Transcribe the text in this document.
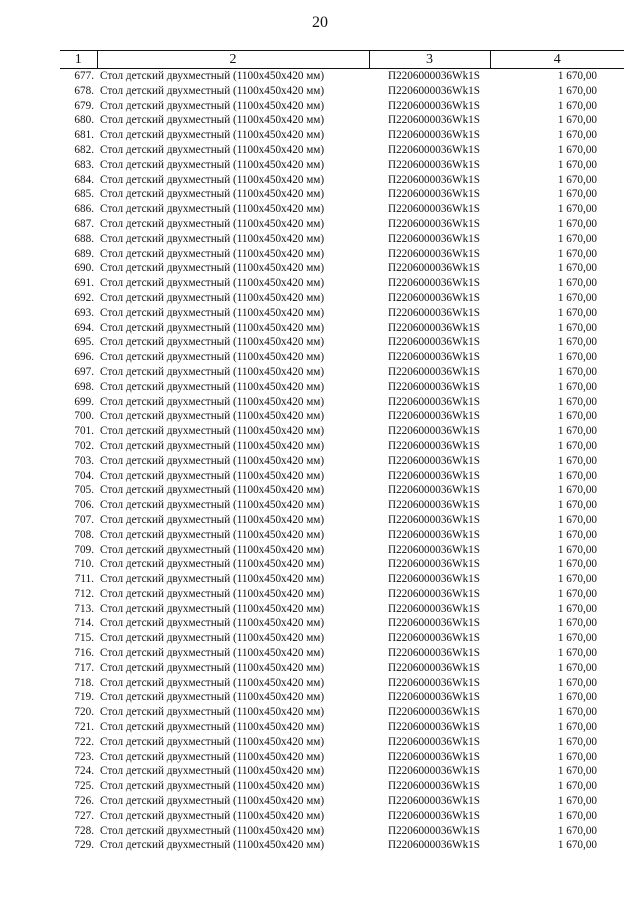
20
1	2	3	4
677.	Стол детский двухместный (1100x450x420 мм)	П2206000036Wk1S	1 670,00
678.	Стол детский двухместный (1100x450x420 мм)	П2206000036Wk1S	1 670,00
679.	Стол детский двухместный (1100x450x420 мм)	П2206000036Wk1S	1 670,00
680.	Стол детский двухместный (1100x450x420 мм)	П2206000036Wk1S	1 670,00
681.	Стол детский двухместный (1100x450x420 мм)	П2206000036Wk1S	1 670,00
682.	Стол детский двухместный (1100x450x420 мм)	П2206000036Wk1S	1 670,00
683.	Стол детский двухместный (1100x450x420 мм)	П2206000036Wk1S	1 670,00
684.	Стол детский двухместный (1100x450x420 мм)	П2206000036Wk1S	1 670,00
685.	Стол детский двухместный (1100x450x420 мм)	П2206000036Wk1S	1 670,00
686.	Стол детский двухместный (1100x450x420 мм)	П2206000036Wk1S	1 670,00
687.	Стол детский двухместный (1100x450x420 мм)	П2206000036Wk1S	1 670,00
688.	Стол детский двухместный (1100x450x420 мм)	П2206000036Wk1S	1 670,00
689.	Стол детский двухместный (1100x450x420 мм)	П2206000036Wk1S	1 670,00
690.	Стол детский двухместный (1100x450x420 мм)	П2206000036Wk1S	1 670,00
691.	Стол детский двухместный (1100x450x420 мм)	П2206000036Wk1S	1 670,00
692.	Стол детский двухместный (1100x450x420 мм)	П2206000036Wk1S	1 670,00
693.	Стол детский двухместный (1100x450x420 мм)	П2206000036Wk1S	1 670,00
694.	Стол детский двухместный (1100x450x420 мм)	П2206000036Wk1S	1 670,00
695.	Стол детский двухместный (1100x450x420 мм)	П2206000036Wk1S	1 670,00
696.	Стол детский двухместный (1100x450x420 мм)	П2206000036Wk1S	1 670,00
697.	Стол детский двухместный (1100x450x420 мм)	П2206000036Wk1S	1 670,00
698.	Стол детский двухместный (1100x450x420 мм)	П2206000036Wk1S	1 670,00
699.	Стол детский двухместный (1100x450x420 мм)	П2206000036Wk1S	1 670,00
700.	Стол детский двухместный (1100x450x420 мм)	П2206000036Wk1S	1 670,00
701.	Стол детский двухместный (1100x450x420 мм)	П2206000036Wk1S	1 670,00
702.	Стол детский двухместный (1100x450x420 мм)	П2206000036Wk1S	1 670,00
703.	Стол детский двухместный (1100x450x420 мм)	П2206000036Wk1S	1 670,00
704.	Стол детский двухместный (1100x450x420 мм)	П2206000036Wk1S	1 670,00
705.	Стол детский двухместный (1100x450x420 мм)	П2206000036Wk1S	1 670,00
706.	Стол детский двухместный (1100x450x420 мм)	П2206000036Wk1S	1 670,00
707.	Стол детский двухместный (1100x450x420 мм)	П2206000036Wk1S	1 670,00
708.	Стол детский двухместный (1100x450x420 мм)	П2206000036Wk1S	1 670,00
709.	Стол детский двухместный (1100x450x420 мм)	П2206000036Wk1S	1 670,00
710.	Стол детский двухместный (1100x450x420 мм)	П2206000036Wk1S	1 670,00
711.	Стол детский двухместный (1100x450x420 мм)	П2206000036Wk1S	1 670,00
712.	Стол детский двухместный (1100x450x420 мм)	П2206000036Wk1S	1 670,00
713.	Стол детский двухместный (1100x450x420 мм)	П2206000036Wk1S	1 670,00
714.	Стол детский двухместный (1100x450x420 мм)	П2206000036Wk1S	1 670,00
715.	Стол детский двухместный (1100x450x420 мм)	П2206000036Wk1S	1 670,00
716.	Стол детский двухместный (1100x450x420 мм)	П2206000036Wk1S	1 670,00
717.	Стол детский двухместный (1100x450x420 мм)	П2206000036Wk1S	1 670,00
718.	Стол детский двухместный (1100x450x420 мм)	П2206000036Wk1S	1 670,00
719.	Стол детский двухместный (1100x450x420 мм)	П2206000036Wk1S	1 670,00
720.	Стол детский двухместный (1100x450x420 мм)	П2206000036Wk1S	1 670,00
721.	Стол детский двухместный (1100x450x420 мм)	П2206000036Wk1S	1 670,00
722.	Стол детский двухместный (1100x450x420 мм)	П2206000036Wk1S	1 670,00
723.	Стол детский двухместный (1100x450x420 мм)	П2206000036Wk1S	1 670,00
724.	Стол детский двухместный (1100x450x420 мм)	П2206000036Wk1S	1 670,00
725.	Стол детский двухместный (1100x450x420 мм)	П2206000036Wk1S	1 670,00
726.	Стол детский двухместный (1100x450x420 мм)	П2206000036Wk1S	1 670,00
727.	Стол детский двухместный (1100x450x420 мм)	П2206000036Wk1S	1 670,00
728.	Стол детский двухместный (1100x450x420 мм)	П2206000036Wk1S	1 670,00
729.	Стол детский двухместный (1100x450x420 мм)	П2206000036Wk1S	1 670,00
